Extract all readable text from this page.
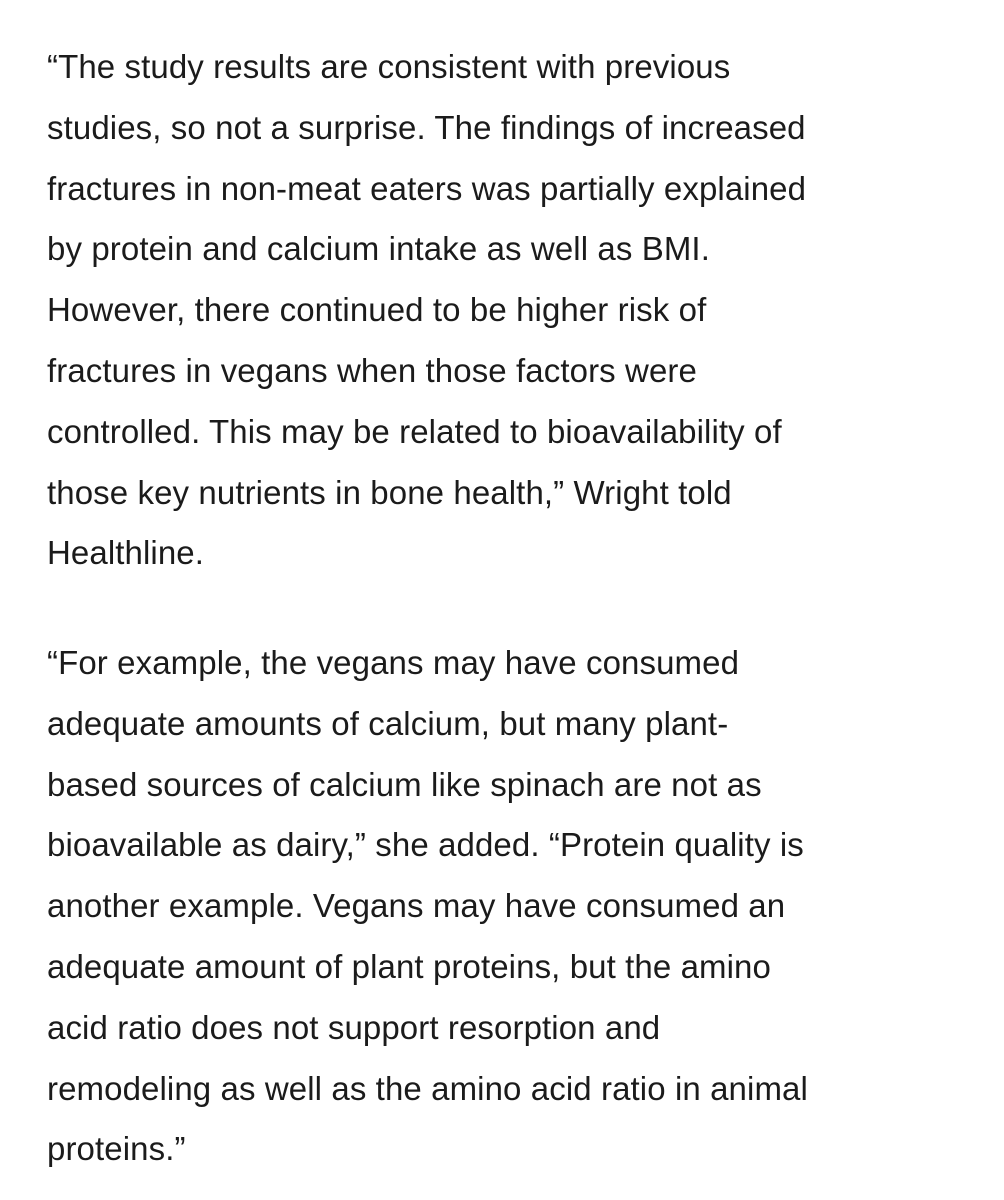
“The study results are consistent with previous
studies, so not a surprise. The findings of increased
fractures in non-meat eaters was partially explained
by protein and calcium intake as well as BMI.
However, there continued to be higher risk of
fractures in vegans when those factors were
controlled. This may be related to bioavailability of
those key nutrients in bone health,” Wright told
Healthline.

“For example, the vegans may have consumed
adequate amounts of calcium, but many plant-
based sources of calcium like spinach are not as
bioavailable as dairy,” she added. “Protein quality is
another example. Vegans may have consumed an
adequate amount of plant proteins, but the amino
acid ratio does not support resorption and
remodeling as well as the amino acid ratio in animal
proteins.”
